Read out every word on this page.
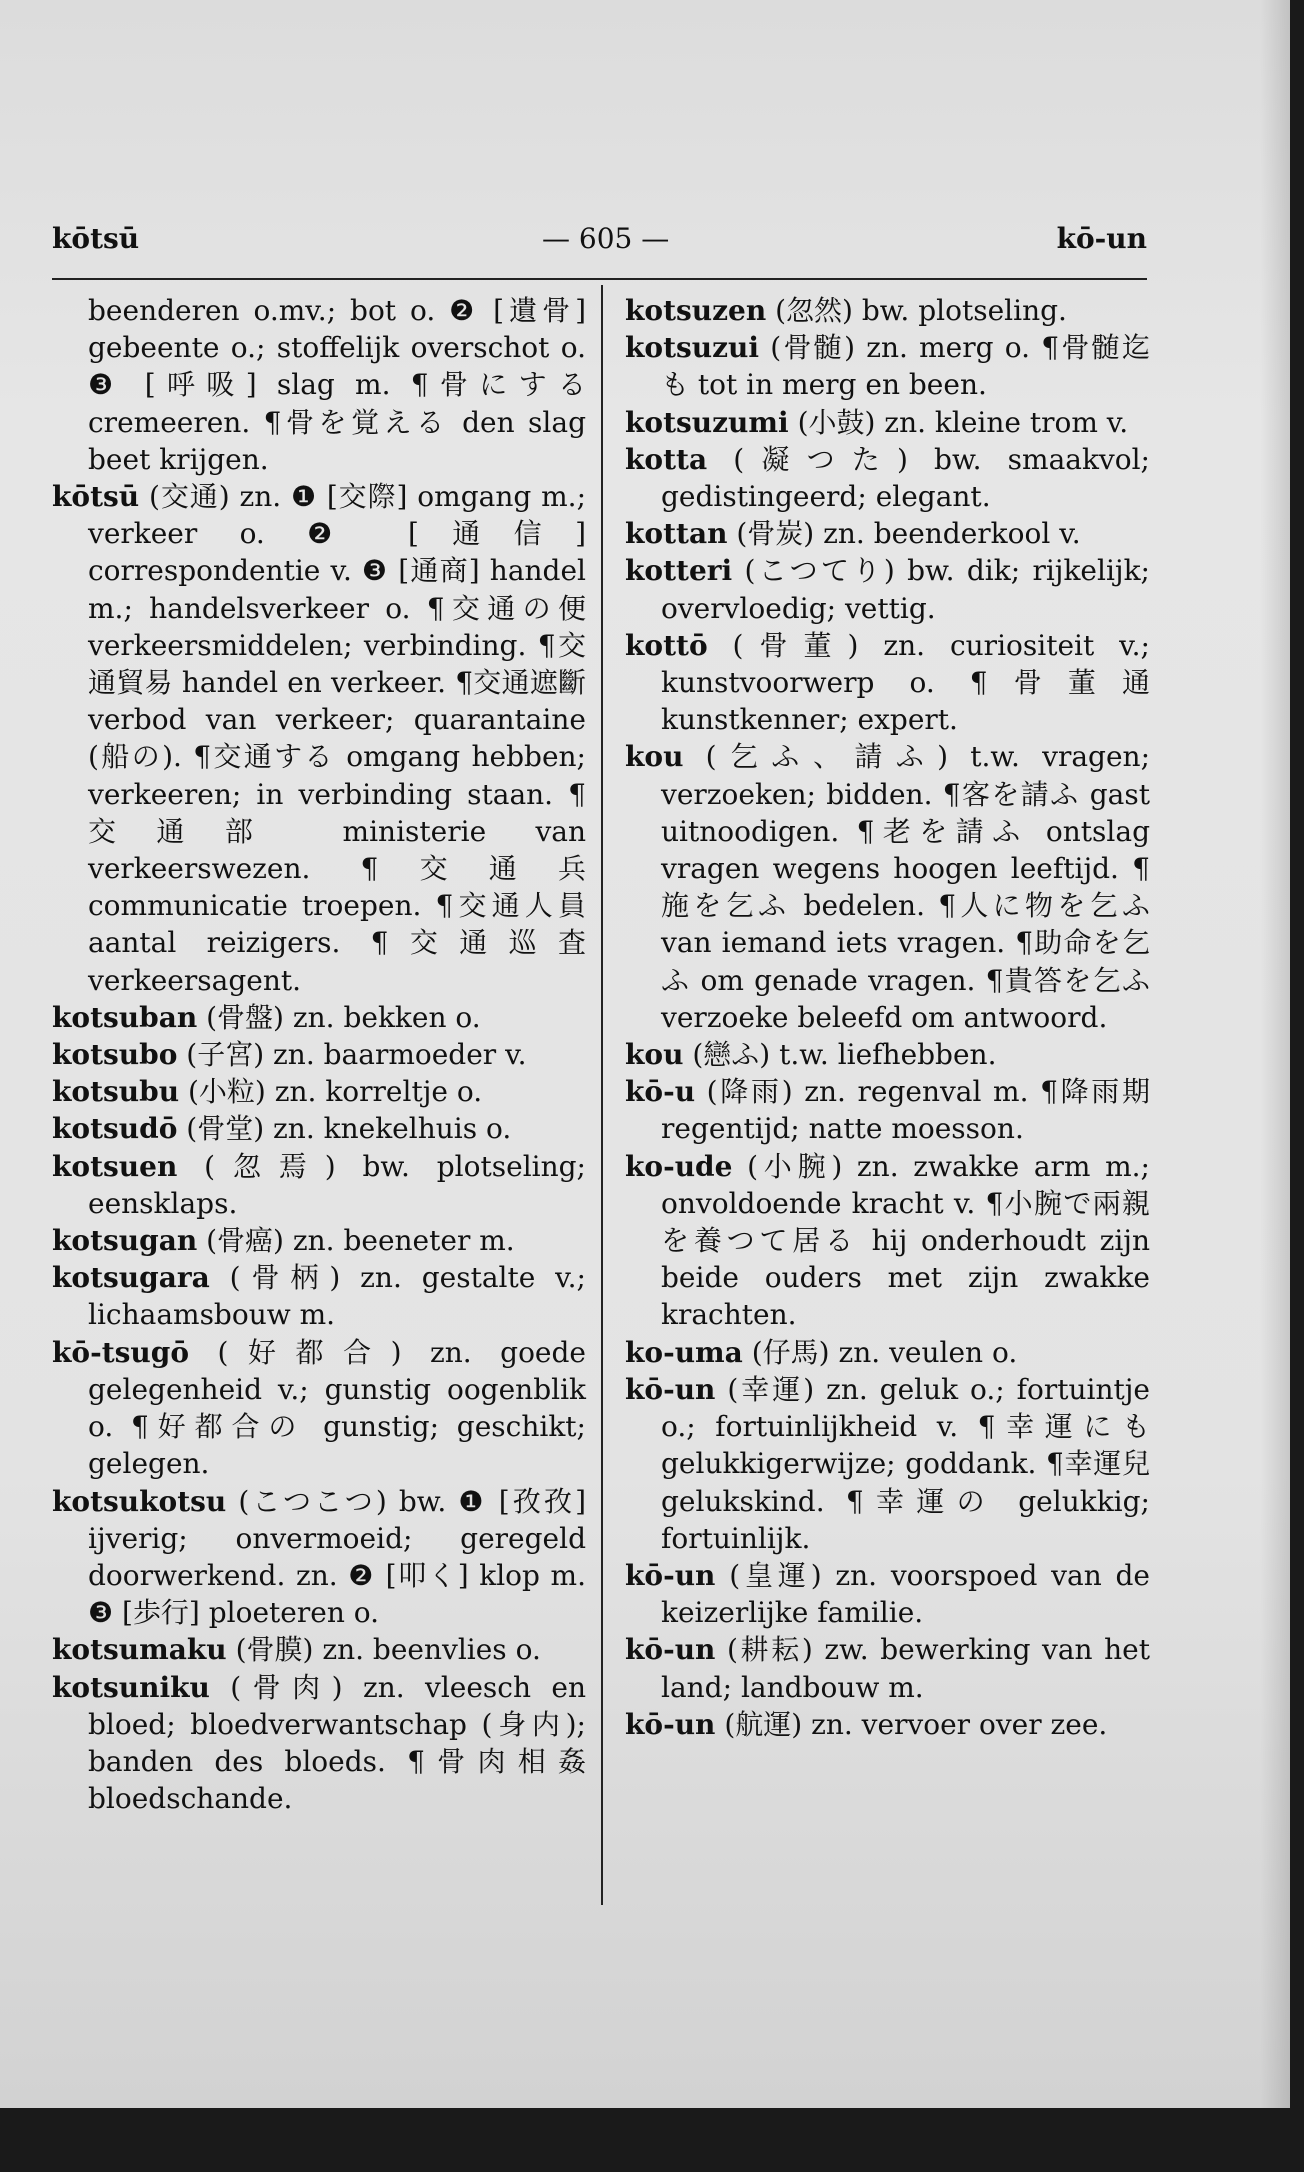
kōtsū	— 605 —	kō-un
beenderen o.mv.; bot o. ❷ [遺骨] gebeente o.; stoffelijk overschot o. ❸ [呼吸] slag m. ¶骨にする cremeeren. ¶骨を覚える den slag beet krijgen.
kōtsū (交通) zn. ❶ [交際] omgang m.; verkeer o. ❷ [通信] correspondentie v. ❸ [通商] handel m.; handelsverkeer o. ¶交通の便 verkeersmiddelen; verbinding. ¶交通貿易 handel en verkeer. ¶交通遮斷 verbod van verkeer; quarantaine (船の). ¶交通する omgang hebben; verkeeren; in verbinding staan. ¶交通部 ministerie van verkeerswezen. ¶交通兵 communicatie troepen. ¶交通人員 aantal reizigers. ¶交通巡査 verkeersagent.
kotsuban (骨盤) zn. bekken o.
kotsubo (子宮) zn. baarmoeder v.
kotsubu (小粒) zn. korreltje o.
kotsudō (骨堂) zn. knekelhuis o.
kotsuen (忽焉) bw. plotseling; eensklaps.
kotsugan (骨癌) zn. beeneter m.
kotsugara (骨柄) zn. gestalte v.; lichaamsbouw m.
kō-tsugō (好都合) zn. goede gelegenheid v.; gunstig oogenblik o. ¶好都合の gunstig; geschikt; gelegen.
kotsukotsu (こつこつ) bw. ❶ [孜孜] ijverig; onvermoeid; geregeld doorwerkend. zn. ❷ [叩く] klop m. ❸ [歩行] ploeteren o.
kotsumaku (骨膜) zn. beenvlies o.
kotsuniku (骨肉) zn. vleesch en bloed; bloedverwantschap (身内); banden des bloeds. ¶骨肉相姦 bloedschande.
kotsuzen (忽然) bw. plotseling.
kotsuzui (骨髄) zn. merg o. ¶骨髄迄も tot in merg en been.
kotsuzumi (小鼓) zn. kleine trom v.
kotta (凝つた) bw. smaakvol; gedistingeerd; elegant.
kottan (骨炭) zn. beenderkool v.
kotteri (こつてり) bw. dik; rijkelijk; overvloedig; vettig.
kottō (骨董) zn. curiositeit v.; kunstvoorwerp o. ¶骨董通 kunstkenner; expert.
kou (乞ふ、請ふ) t.w. vragen; verzoeken; bidden. ¶客を請ふ gast uitnoodigen. ¶老を請ふ ontslag vragen wegens hoogen leeftijd. ¶施を乞ふ bedelen. ¶人に物を乞ふ van iemand iets vragen. ¶助命を乞ふ om genade vragen. ¶貴答を乞ふ verzoeke beleefd om antwoord.
kou (戀ふ) t.w. liefhebben.
kō-u (降雨) zn. regenval m. ¶降雨期 regentijd; natte moesson.
ko-ude (小腕) zn. zwakke arm m.; onvoldoende kracht v. ¶小腕で兩親を養つて居る hij onderhoudt zijn beide ouders met zijn zwakke krachten.
ko-uma (仔馬) zn. veulen o.
kō-un (幸運) zn. geluk o.; fortuintje o.; fortuinlijkheid v. ¶幸運にも gelukkigerwijze; goddank. ¶幸運兒 gelukskind. ¶幸運の gelukkig; fortuinlijk.
kō-un (皇運) zn. voorspoed van de keizerlijke familie.
kō-un (耕耘) zw. bewerking van het land; landbouw m.
kō-un (航運) zn. vervoer over zee.
